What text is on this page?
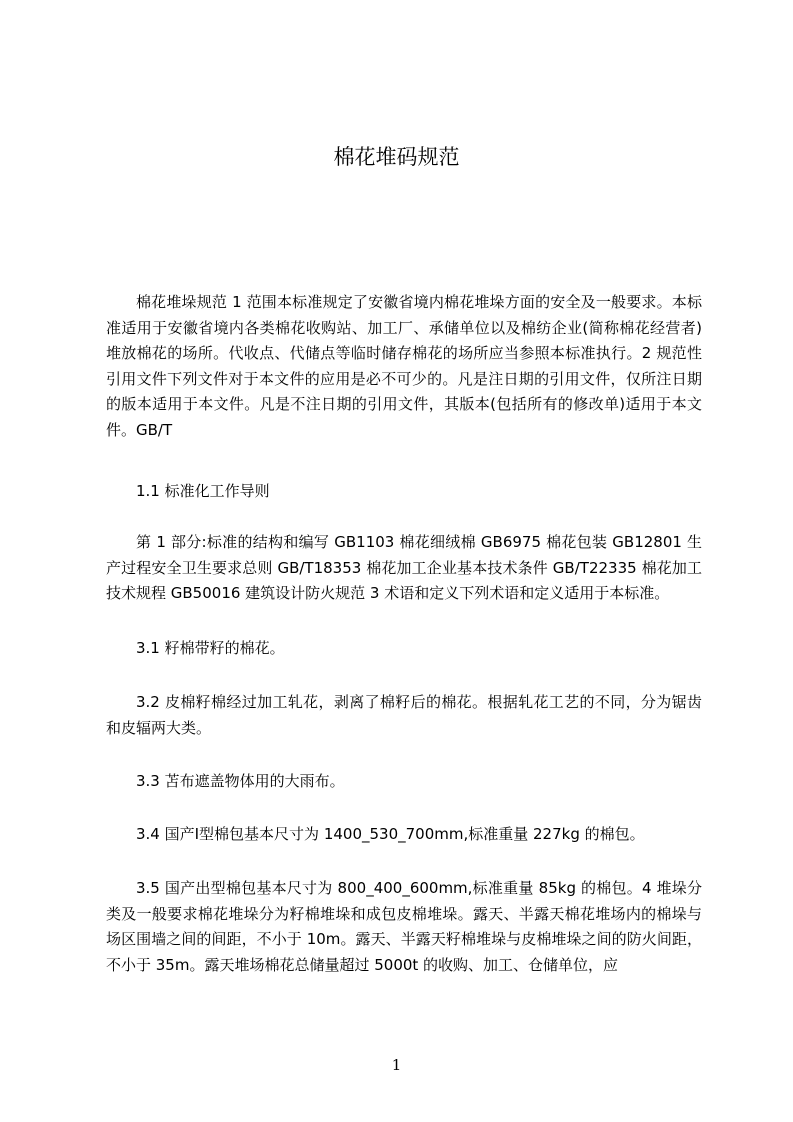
棉花堆码规范

棉花堆垛规范 1 范围本标准规定了安徽省境内棉花堆垛方面的安全及一般要求。本标准适用于安徽省境内各类棉花收购站、加工厂、承储单位以及棉纺企业(简称棉花经营者)堆放棉花的场所。代收点、代储点等临时储存棉花的场所应当参照本标准执行。2 规范性引用文件下列文件对于本文件的应用是必不可少的。凡是注日期的引用文件，仅所注日期的版本适用于本文件。凡是不注日期的引用文件，其版本(包括所有的修改单)适用于本文件。GB/T

1.1 标准化工作导则

第 1 部分:标准的结构和编写 GB1103 棉花细绒棉 GB6975 棉花包装 GB12801 生产过程安全卫生要求总则 GB/T18353 棉花加工企业基本技术条件 GB/T22335 棉花加工技术规程 GB50016 建筑设计防火规范 3 术语和定义下列术语和定义适用于本标准。

3.1 籽棉带籽的棉花。

3.2 皮棉籽棉经过加工轧花，剥离了棉籽后的棉花。根据轧花工艺的不同，分为锯齿和皮辐两大类。

3.3 苫布遮盖物体用的大雨布。

3.4 国产Ⅰ型棉包基本尺寸为 1400_530_700mm,标准重量 227kg 的棉包。

3.5 国产出型棉包基本尺寸为 800_400_600mm,标准重量 85kg 的棉包。4 堆垛分类及一般要求棉花堆垛分为籽棉堆垛和成包皮棉堆垛。露天、半露天棉花堆场内的棉垛与场区围墙之间的间距，不小于 10m。露天、半露天籽棉堆垛与皮棉堆垛之间的防火间距，不小于 35m。露天堆场棉花总储量超过 5000t 的收购、加工、仓储单位，应

1
